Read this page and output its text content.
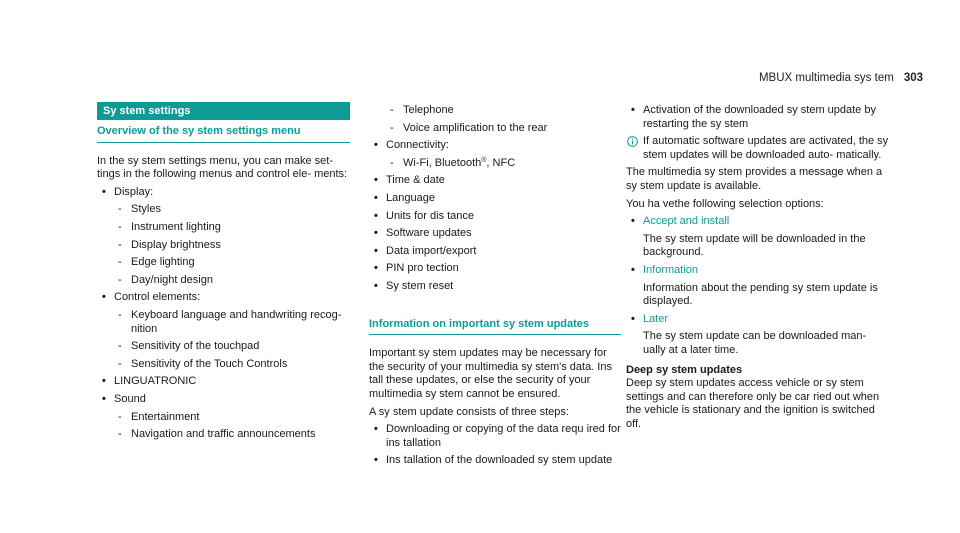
MBUX multimedia sys tem 303
Sy stem settings
Overview of the sy stem settings menu

In the sy stem settings menu, you can make set- tings in the following menus and control ele- ments:

• Display:
- Styles
- Instrument lighting
- Display brightness
- Edge lighting
- Day/night design
• Control elements:
- Keyboard language and handwriting recog- nition
- Sensitivity of the touchpad
- Sensitivity of the Touch Controls
• LINGUATRONIC
• Sound
- Entertainment
- Navigation and traffic announcements
- Telephone
- Voice amplification to the rear
• Connectivity:
- Wi-Fi, Bluetooth®, NFC
• Time & date
• Language
• Units for dis tance
• Software updates
• Data import/export
• PIN pro tection
• Sy stem reset
Information on important sy stem updates

Important sy stem updates may be necessary for the security of your multimedia sy stem's data. Ins tall these updates, or else the security of your multimedia sy stem cannot be ensured.

A sy stem update consists of three steps:

• Downloading or copying of the data requ ired for ins tallation
• Ins tallation of the downloaded sy stem update
• Activation of the downloaded sy stem update by restarting the sy stem
If automatic software updates are activated, the sy stem updates will be downloaded auto- matically.

The multimedia sy stem provides a message when a sy stem update is available.

You ha vethe following selection options:

• Accept and install
The sy stem update will be downloaded in the background.
• Information
Information about the pending sy stem update is displayed.
• Later
The sy stem update can be downloaded man- ually at a later time.
Deep sy stem updates

Deep sy stem updates access vehicle or sy stem settings and can therefore only be car ried out when the vehicle is stationary and the ignition is switched off.
